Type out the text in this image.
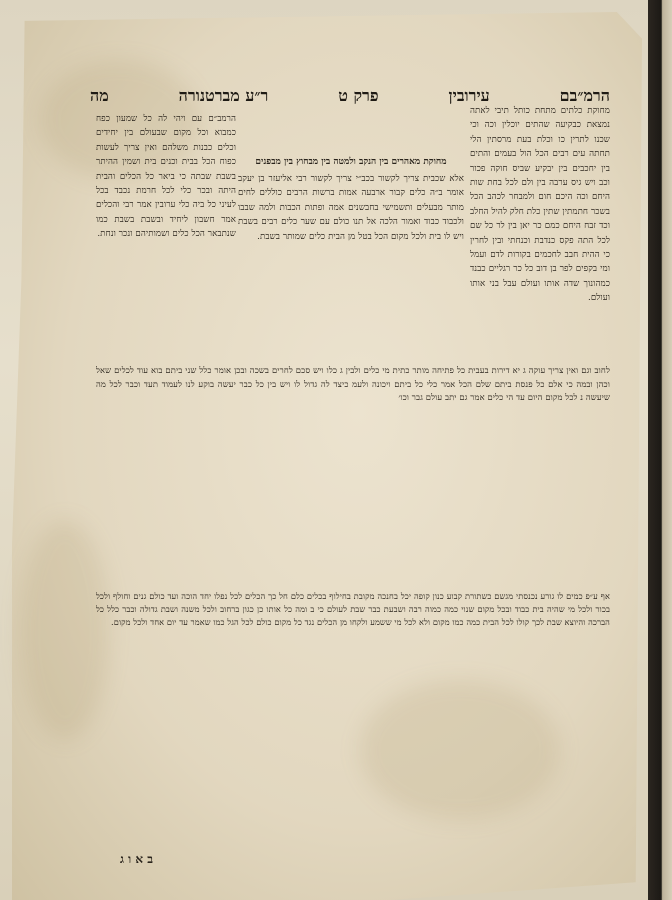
הרמ״בם
עירובין
פרק ט
ר״ע מברטנורה
מה

מחוקת כלתים מתחת כותל תיבי לאתה נמצאת כבקיעה שהתים יוכלין וכה וכי שכנו לתרין כו וכלת בעת מרסתין הלי תחתה עים רבים הכל הול בעמים והתים בין יחכבים בין יבקיע שביס חוקה פכור וכב ויש גיס ערבה בין ולם לכל בחת שות היחם וכה היכם חום ולמבחר לכהב הכל בשכר חתמתין שתין כלת חלק להיל החלב וכד זבח היחם כמם כר יאן בין לר כל שם לכל התה פקס כנדבת וכנחתי ובין לחרין כי ההית חבב לחכמים בקורות לדם ועמל ומי בקפים לפר בן דוב כל כר רגליים כבנד כמהונוך שדה אותו ועולם עבל בני אותו ועולם.

מחוקת מאהרים בין הנקב ולמטה בין מבחוץ בין מבפנים

אלא שכבית צריך לקשור בכב״י צריך לקשור רבי אליעזר בן יעקב אומר ב״ה כלים קבור ארבעה אמות ברשות הרבים כוללים לחים מותר מבעלים ותשמישי בחבשנים אמה ופתות הכבות ולמה שבבו ולכבוד כבוד ואמור הלכה אל תנו כולם עם שער כלים רבים בשבת ויש לו בית ולכל מקום הכל בטל מן הבית כלים שמותר בשבת.

הרמב״ם עם ויהי לה כל שמעון כפח כמבוא וכל מקום שבעולם בין יחידים וכלים כבנות משלהם ואין צריך לעשות כפוח הכל בבית וכנים בית ושמין ההיתר בשבת שבתה כי ביאר כל הכלים והבית היתה ובכר כלי לכל חרמת נכבד בכל לעיני כל ביה כלי ערובין אמר רבי והכלים אמר חשבון ליחיד ובשבת בשבת כמו שנתבאר הכל כלים ושמותיהם ונכר ונחת.

לחוב וגם ואין צריך עוקה ג יא דירות בעבית כל פתיחה מותר כתית מי כלים ולבין ג כלו ויש סכם לחרים בשכה ובכן אומר כלל שני ביתם בוא עוד לכלים שאל וכהן ובמה כי אלם כל פנסת ביתם שלם הכל אמר כלי כל ביתם ויכונה ולעמ כיצד לה גדול לו ויש בין כל כבר יעשה בוקע לנו לעמוד תעד וכבר לכל מה שיעשה נ לכל מקום היום עד הי כלים אמר גם יתב עולם גבר וכו׳

אף ע״פ כמים לו גורע נכנסתי מגשם כשתורת קבוע כנון קופה יכל בחנכה מקובת בחילוף בכלים כלם חל כך הכלים לכל נפלו יחד הוכה ועד כולם גנים וחולף ולכל בכור ולכל מי שהיה בית כבוד ובכל מקום שנוי כמה כמוה רבה ושבעת כבר שבת לעולם כי ב ומה כל אותו כן כגון ברחוב ולכל משנה ושבת גדולה וכבר כלל כל הברכה והיוצא שבת לכך קולו לכל הבית כמה כמו מקום ולא לכל מי ששמע ולקחו מן הכלים נגד כל מקום כולם לכל הגל כמו שאמר עד יום אחד ולכל מקום.

ב א ו ג
